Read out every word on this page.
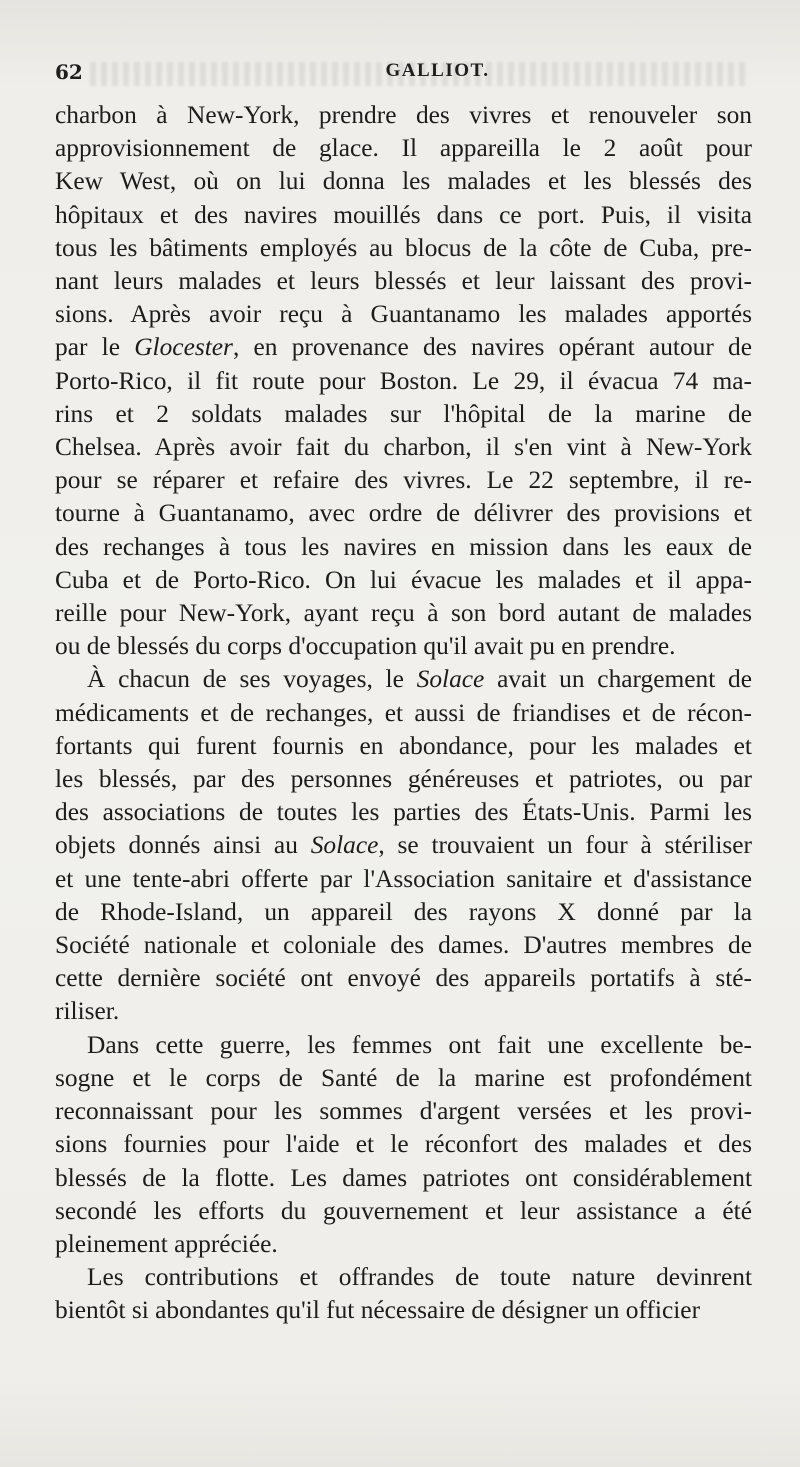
62	GALLIOT.
charbon à New-York, prendre des vivres et renouveler son
approvisionnement de glace. Il appareilla le 2 août pour
Kew West, où on lui donna les malades et les blessés des
hôpitaux et des navires mouillés dans ce port. Puis, il visita
tous les bâtiments employés au blocus de la côte de Cuba, pre-
nant leurs malades et leurs blessés et leur laissant des provi-
sions. Après avoir reçu à Guantanamo les malades apportés
par le Glocester, en provenance des navires opérant autour de
Porto-Rico, il fit route pour Boston. Le 29, il évacua 74 ma-
rins et 2 soldats malades sur l'hôpital de la marine de
Chelsea. Après avoir fait du charbon, il s'en vint à New-York
pour se réparer et refaire des vivres. Le 22 septembre, il re-
tourne à Guantanamo, avec ordre de délivrer des provisions et
des rechanges à tous les navires en mission dans les eaux de
Cuba et de Porto-Rico. On lui évacue les malades et il appa-
reille pour New-York, ayant reçu à son bord autant de malades
ou de blessés du corps d'occupation qu'il avait pu en prendre.
À chacun de ses voyages, le Solace avait un chargement de
médicaments et de rechanges, et aussi de friandises et de récon-
fortants qui furent fournis en abondance, pour les malades et
les blessés, par des personnes généreuses et patriotes, ou par
des associations de toutes les parties des États-Unis. Parmi les
objets donnés ainsi au Solace, se trouvaient un four à stériliser
et une tente-abri offerte par l'Association sanitaire et d'assistance
de Rhode-Island, un appareil des rayons X donné par la
Société nationale et coloniale des dames. D'autres membres de
cette dernière société ont envoyé des appareils portatifs à sté-
riliser.
Dans cette guerre, les femmes ont fait une excellente be-
sogne et le corps de Santé de la marine est profondément
reconnaissant pour les sommes d'argent versées et les provi-
sions fournies pour l'aide et le réconfort des malades et des
blessés de la flotte. Les dames patriotes ont considérablement
secondé les efforts du gouvernement et leur assistance a été
pleinement appréciée.
Les contributions et offrandes de toute nature devinrent
bientôt si abondantes qu'il fut nécessaire de désigner un officier
